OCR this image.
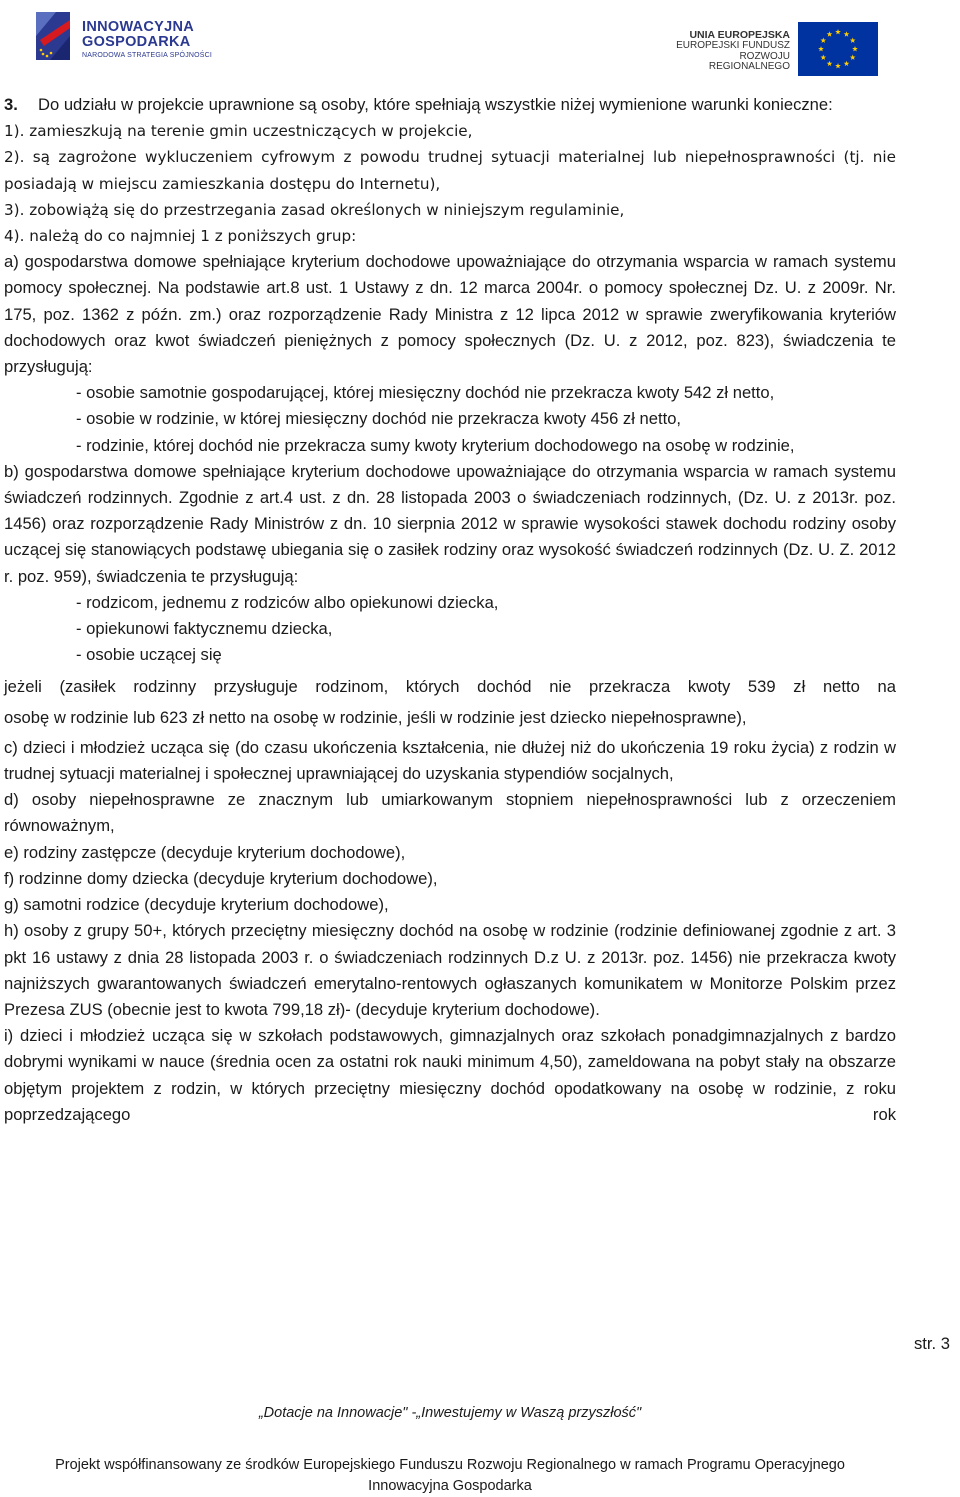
INNOWACYJNA
GOSPODARKA
NARODOWA STRATEGIA SPÓJNOŚCI
UNIA EUROPEJSKA
EUROPEJSKI FUNDUSZ
ROZWOJU REGIONALNEGO

3. Do udziału w projekcie uprawnione są osoby, które spełniają wszystkie niżej wymienione warunki konieczne:

1). zamieszkują na terenie gmin uczestniczących w projekcie,

2). są zagrożone wykluczeniem cyfrowym z powodu trudnej sytuacji materialnej lub niepełnosprawności (tj. nie posiadają w miejscu zamieszkania dostępu do Internetu),

3). zobowiążą się do przestrzegania zasad określonych w niniejszym regulaminie,

4). należą do co najmniej 1 z poniższych grup:

a) gospodarstwa domowe spełniające kryterium dochodowe upoważniające do otrzymania wsparcia w ramach systemu pomocy społecznej. Na podstawie art.8 ust. 1 Ustawy z dn. 12 marca 2004r. o pomocy społecznej Dz. U. z 2009r. Nr. 175, poz. 1362 z późn. zm.) oraz rozporządzenie Rady Ministra z 12 lipca 2012 w sprawie zweryfikowania kryteriów dochodowych oraz kwot świadczeń pieniężnych z pomocy społecznych (Dz. U. z 2012, poz. 823), świadczenia te przysługują:

- osobie samotnie gospodarującej, której miesięczny dochód nie przekracza kwoty 542 zł netto,

- osobie w rodzinie, w której miesięczny dochód nie przekracza kwoty 456 zł netto,

- rodzinie, której dochód nie przekracza sumy kwoty kryterium dochodowego na osobę w rodzinie,

b) gospodarstwa domowe spełniające kryterium dochodowe upoważniające do otrzymania wsparcia w ramach systemu świadczeń rodzinnych. Zgodnie z art.4 ust. z dn. 28 listopada 2003 o świadczeniach rodzinnych, (Dz. U. z 2013r. poz. 1456) oraz rozporządzenie Rady Ministrów z dn. 10 sierpnia 2012 w sprawie wysokości stawek dochodu rodziny osoby uczącej się stanowiących podstawę ubiegania się o zasiłek rodziny oraz wysokość świadczeń rodzinnych (Dz. U. Z. 2012 r. poz. 959), świadczenia te przysługują:

- rodzicom, jednemu z rodziców albo opiekunowi dziecka,

- opiekunowi faktycznemu dziecka,

- osobie uczącej się

jeżeli (zasiłek rodzinny przysługuje rodzinom, których dochód nie przekracza kwoty 539 zł netto na

osobę w rodzinie lub 623 zł netto na osobę w rodzinie, jeśli w rodzinie jest dziecko niepełnosprawne),

c) dzieci i młodzież ucząca się (do czasu ukończenia kształcenia, nie dłużej niż do ukończenia 19 roku życia) z rodzin w trudnej sytuacji materialnej i społecznej uprawniającej do uzyskania stypendiów socjalnych,

d) osoby niepełnosprawne ze znacznym lub umiarkowanym stopniem niepełnosprawności lub z orzeczeniem równoważnym,

e) rodziny zastępcze (decyduje kryterium dochodowe),

f) rodzinne domy dziecka (decyduje kryterium dochodowe),

g) samotni rodzice (decyduje kryterium dochodowe),

h) osoby z grupy 50+, których przeciętny miesięczny dochód na osobę w rodzinie (rodzinie definiowanej zgodnie z art. 3 pkt 16 ustawy z dnia 28 listopada 2003 r. o świadczeniach rodzinnych D.z U. z 2013r. poz. 1456) nie przekracza kwoty najniższych gwarantowanych świadczeń emerytalno-rentowych ogłaszanych komunikatem w Monitorze Polskim przez Prezesa ZUS (obecnie jest to kwota 799,18 zł)- (decyduje kryterium dochodowe).

i) dzieci i młodzież ucząca się w szkołach podstawowych, gimnazjalnych oraz szkołach ponadgimnazjalnych z bardzo dobrymi wynikami w nauce (średnia ocen za ostatni rok nauki minimum 4,50), zameldowana na pobyt stały na obszarze objętym projektem z rodzin, w których przeciętny miesięczny dochód opodatkowany na osobę w rodzinie, z roku poprzedzającego rok

str. 3
„Dotacje na Innowacje" -„Inwestujemy w Waszą przyszłość"
Projekt współfinansowany ze środków Europejskiego Funduszu Rozwoju Regionalnego w ramach Programu Operacyjnego
Innowacyjna Gospodarka
